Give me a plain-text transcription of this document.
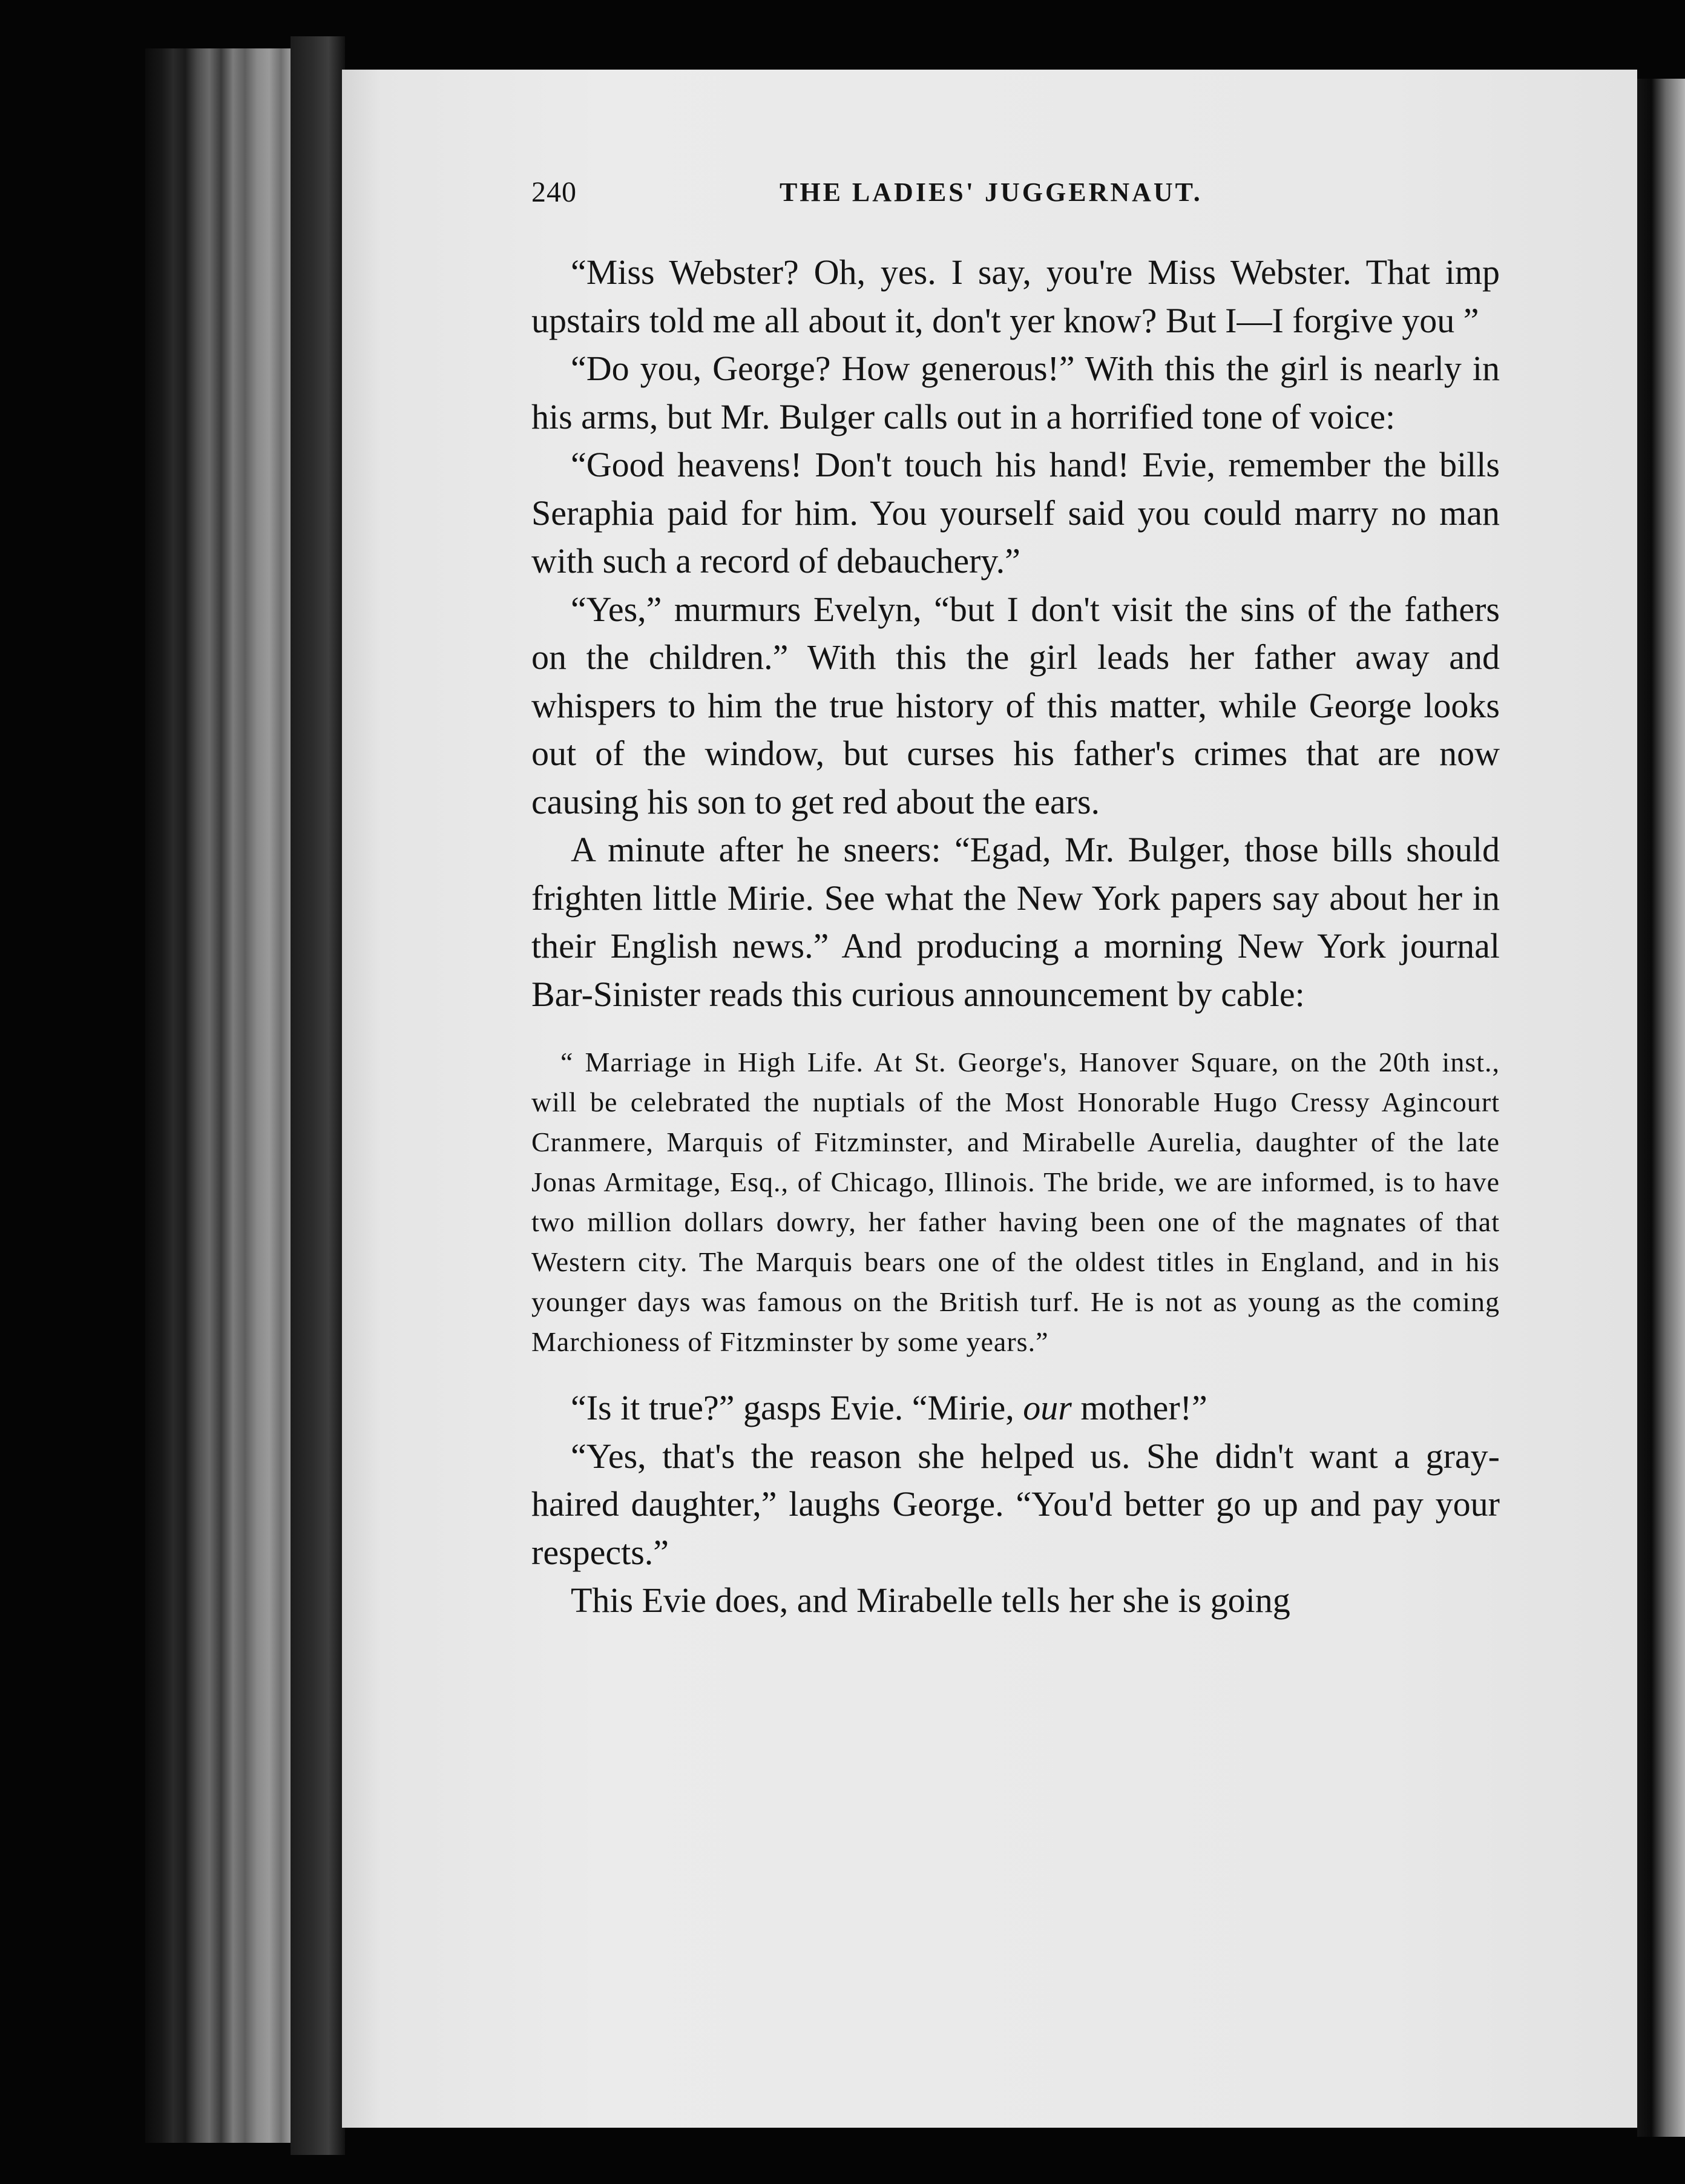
240	THE LADIES' JUGGERNAUT.

“Miss Webster? Oh, yes. I say, you're Miss Webster. That imp upstairs told me all about it, don't yer know? But I—I forgive you ”

“Do you, George? How generous!” With this the girl is nearly in his arms, but Mr. Bulger calls out in a horrified tone of voice:

“Good heavens! Don't touch his hand! Evie, remember the bills Seraphia paid for him. You yourself said you could marry no man with such a record of debauchery.”

“Yes,” murmurs Evelyn, “but I don't visit the sins of the fathers on the children.” With this the girl leads her father away and whispers to him the true history of this matter, while George looks out of the window, but curses his father's crimes that are now causing his son to get red about the ears.

A minute after he sneers: “Egad, Mr. Bulger, those bills should frighten little Mirie. See what the New York papers say about her in their English news.” And producing a morning New York journal Bar-Sinister reads this curious announcement by cable:

“ Marriage in High Life. At St. George's, Hanover Square, on the 20th inst., will be celebrated the nuptials of the Most Honorable Hugo Cressy Agincourt Cranmere, Marquis of Fitzminster, and Mirabelle Aurelia, daughter of the late Jonas Armitage, Esq., of Chicago, Illinois. The bride, we are informed, is to have two million dollars dowry, her father having been one of the magnates of that Western city. The Marquis bears one of the oldest titles in England, and in his younger days was famous on the British turf. He is not as young as the coming Marchioness of Fitzminster by some years.”

“Is it true?” gasps Evie. “Mirie, our mother!”

“Yes, that's the reason she helped us. She didn't want a gray-haired daughter,” laughs George. “You'd better go up and pay your respects.”

This Evie does, and Mirabelle tells her she is going
